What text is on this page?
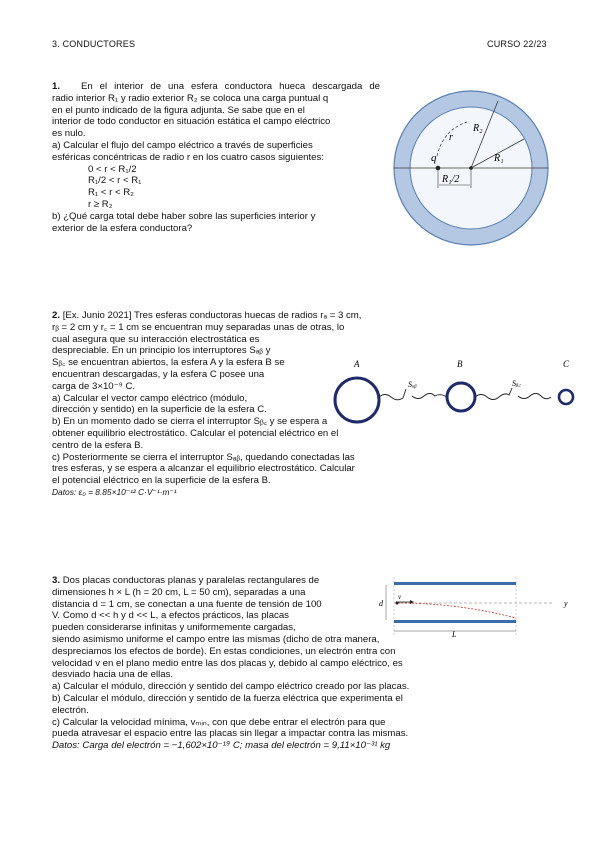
3. CONDUCTORES	CURSO 22/23
1. En el interior de una esfera conductora hueca descargada de
radio interior R₁ y radio exterior R₂ se coloca una carga puntual q
en el punto indicado de la figura adjunta. Se sabe que en el
interior de todo conductor en situación estática el campo eléctrico
es nulo.
a) Calcular el flujo del campo eléctrico a través de superficies
esféricas concéntricas de radio r en los cuatro casos siguientes:
0 < r < R₁/2
R₁/2 < r < R₁
R₁ < r < R₂
r ≥ R₂
b) ¿Qué carga total debe haber sobre las superficies interior y
exterior de la esfera conductora?
R₂
R₁
r
q
R₁/2
2. [Ex. Junio 2021] Tres esferas conductoras huecas de radios rₐ = 3 cm,
rᵦ = 2 cm y r꜀ = 1 cm se encuentran muy separadas unas de otras, lo
cual asegura que su interacción electrostática es
despreciable. En un principio los interruptores Sₐᵦ y
Sᵦ꜀ se encuentran abiertos, la esfera A y la esfera B se
encuentran descargadas, y la esfera C posee una
carga de 3×10⁻⁹ C.
a) Calcular el vector campo eléctrico (módulo,
dirección y sentido) en la superficie de la esfera C.
b) En un momento dado se cierra el interruptor Sᵦ꜀ y se espera a
obtener equilibrio electrostático. Calcular el potencial eléctrico en el
centro de la esfera B.
c) Posteriormente se cierra el interruptor Sₐᵦ, quedando conectadas las
tres esferas, y se espera a alcanzar el equilibrio electrostático. Calcular
el potencial eléctrico en la superficie de la esfera B.
Datos: ε₀ = 8.85×10⁻¹² C·V⁻¹·m⁻¹
A	B	C
Sₐᵦ	Sᵦ꜀
3. Dos placas conductoras planas y paralelas rectangulares de
dimensiones h × L (h = 20 cm, L = 50 cm), separadas a una
distancia d = 1 cm, se conectan a una fuente de tensión de 100
V. Como d << h y d << L, a efectos prácticos, las placas
pueden considerarse infinitas y uniformemente cargadas,
siendo asimismo uniforme el campo entre las mismas (dicho de otra manera,
despreciamos los efectos de borde). En estas condiciones, un electrón entra con
velocidad v en el plano medio entre las dos placas y, debido al campo eléctrico, es
desviado hacia una de ellas.
a) Calcular el módulo, dirección y sentido del campo eléctrico creado por las placas.
b) Calcular el módulo, dirección y sentido de la fuerza eléctrica que experimenta el
electrón.
c) Calcular la velocidad mínima, vₘᵢₙ, con que debe entrar el electrón para que
pueda atravesar el espacio entre las placas sin llegar a impactar contra las mismas.
Datos: Carga del electrón = −1,602×10⁻¹⁹ C; masa del electrón = 9,11×10⁻³¹ kg
d
v
y
L
